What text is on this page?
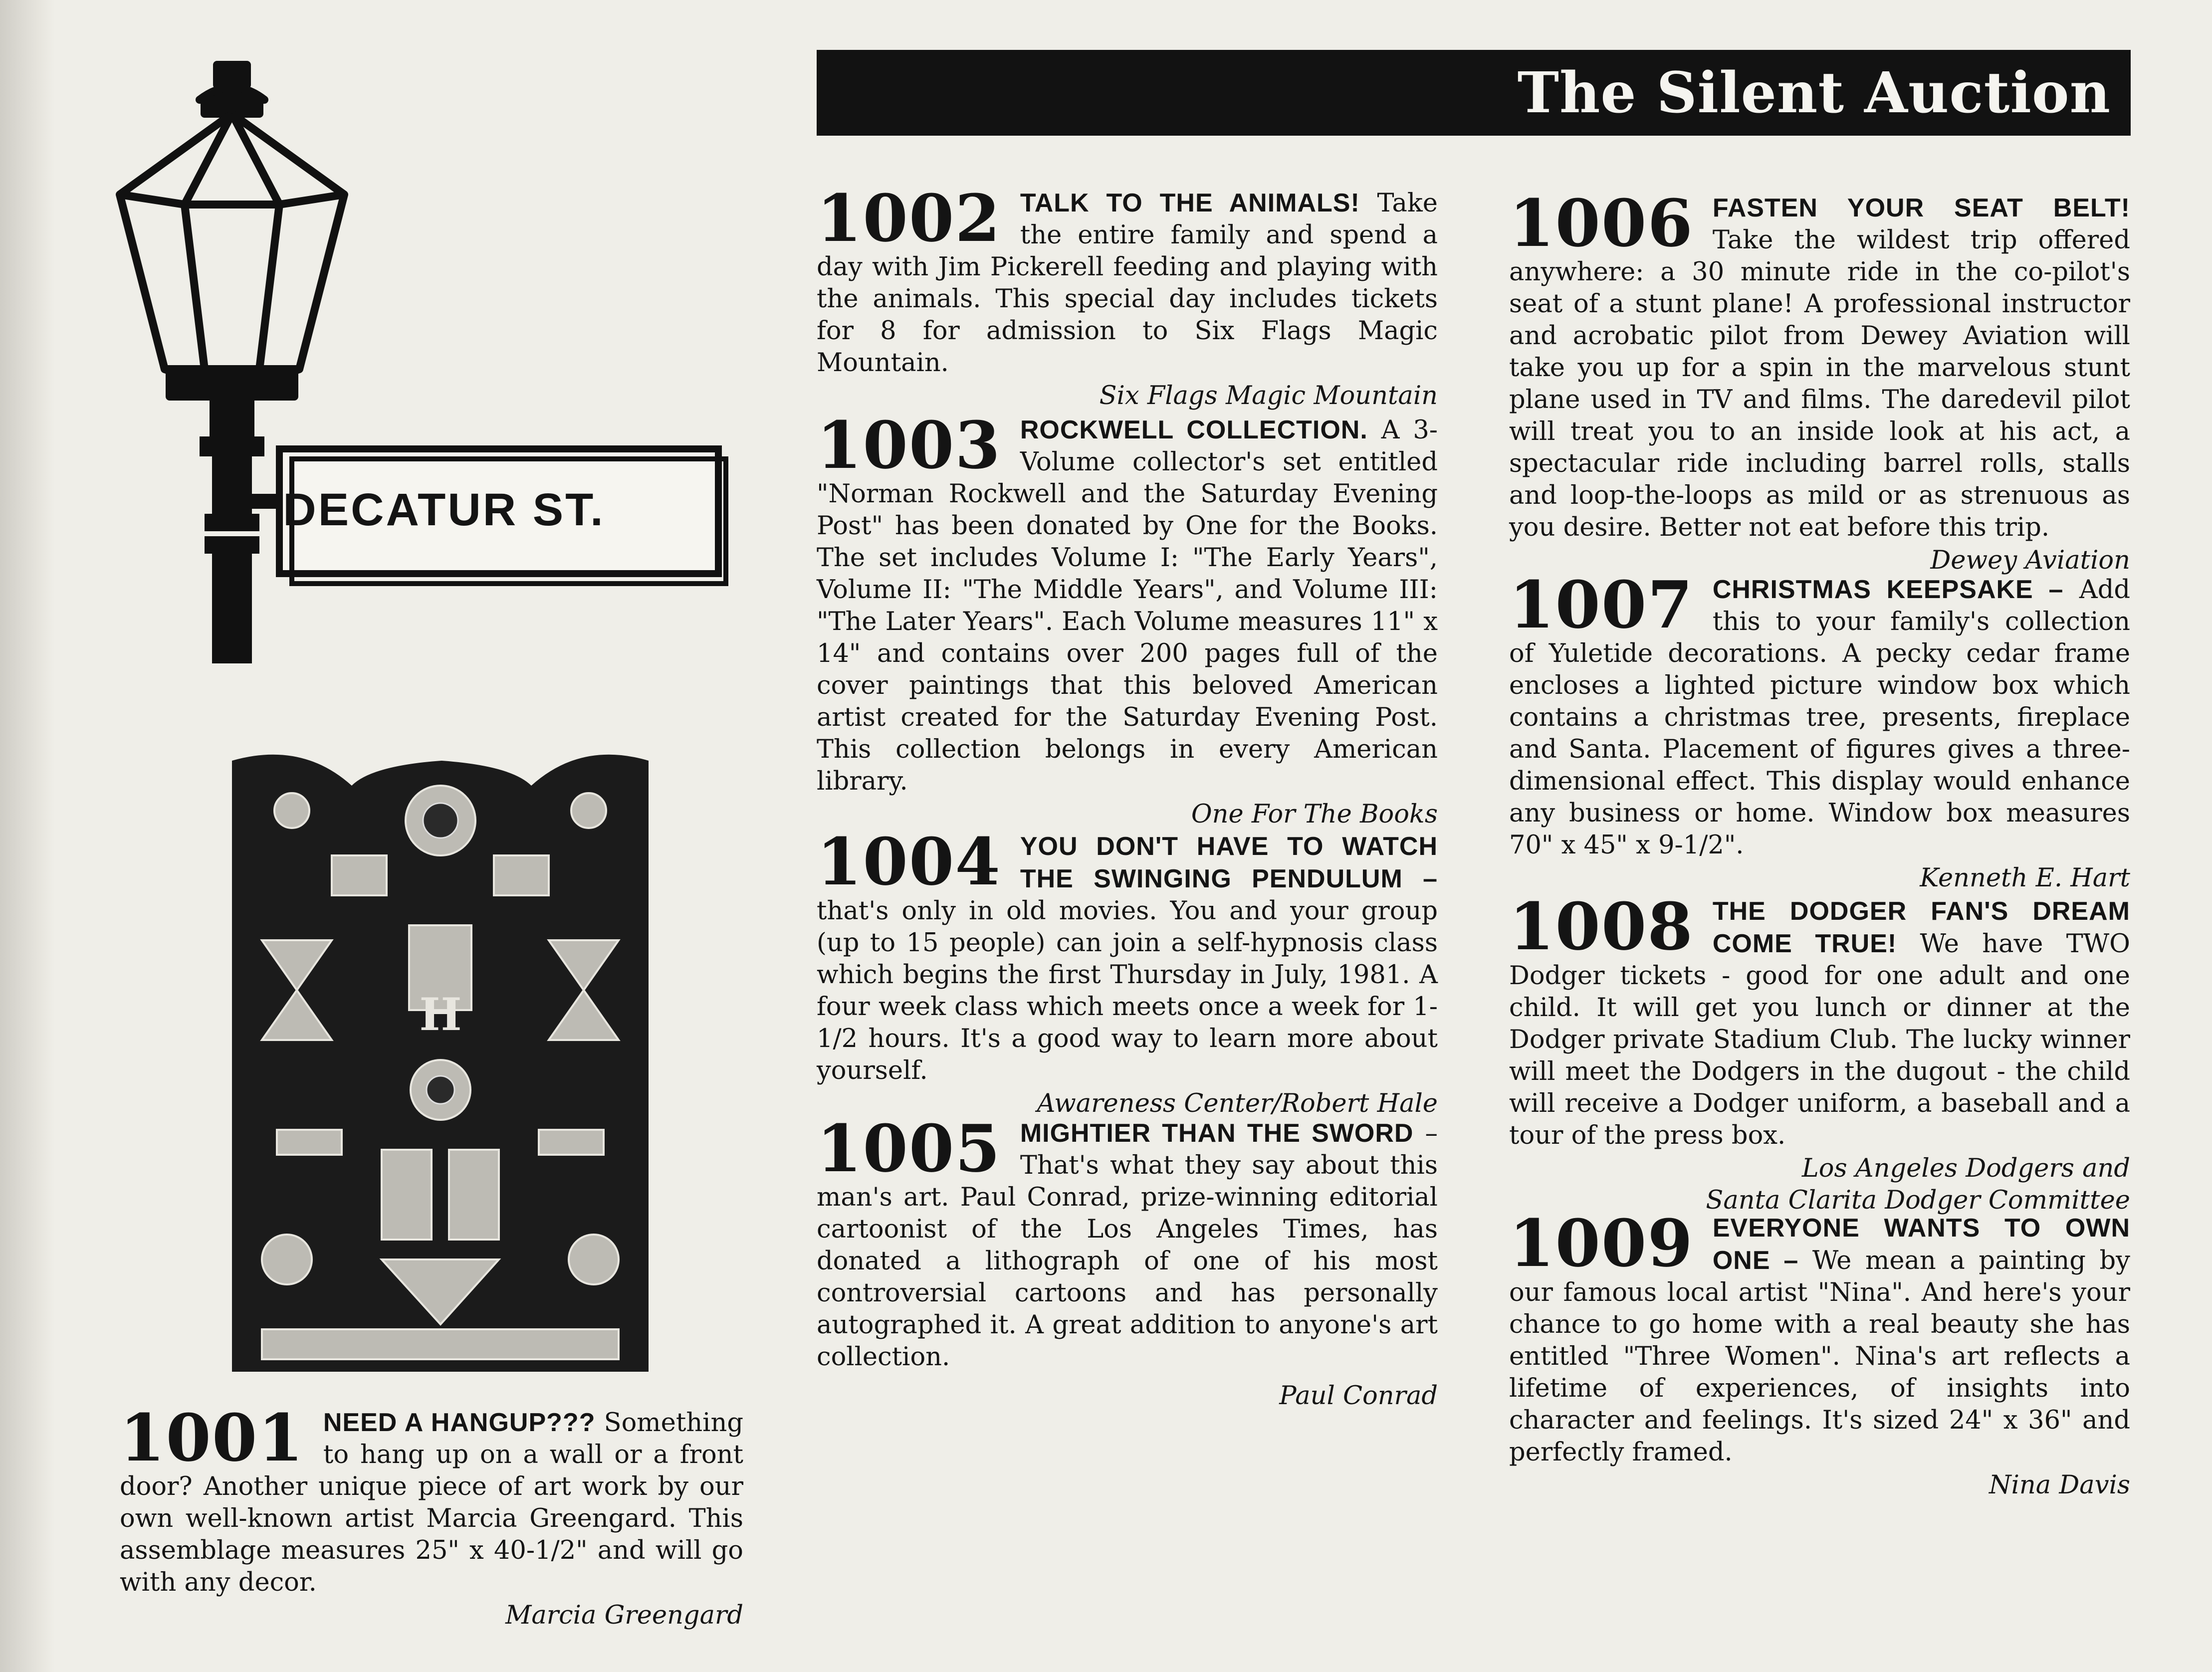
The Silent Auction
DECATUR ST.
H
1001 NEED A HANGUP??? Something to hang up on a wall or a front door? Another unique piece of art work by our own well-known artist Marcia Greengard. This assemblage measures 25" x 40-1/2" and will go with any decor.

Marcia Greengard
1002 TALK TO THE ANIMALS! Take the entire family and spend a day with Jim Pickerell feeding and playing with the animals. This special day includes tickets for 8 for admission to Six Flags Magic Mountain.

Six Flags Magic Mountain
1003 ROCKWELL COLLECTION. A 3-Volume collector's set entitled "Norman Rockwell and the Saturday Evening Post" has been donated by One for the Books. The set includes Volume I: "The Early Years", Volume II: "The Middle Years", and Volume III: "The Later Years". Each Volume measures 11" x 14" and contains over 200 pages full of the cover paintings that this beloved American artist created for the Saturday Evening Post. This collection belongs in every American library.

One For The Books
1004 YOU DON'T HAVE TO WATCH THE SWINGING PENDULUM – that's only in old movies. You and your group (up to 15 people) can join a self-hypnosis class which begins the first Thursday in July, 1981. A four week class which meets once a week for 1-1/2 hours. It's a good way to learn more about yourself.

Awareness Center/Robert Hale
1005 MIGHTIER THAN THE SWORD – That's what they say about this man's art. Paul Conrad, prize-winning editorial cartoonist of the Los Angeles Times, has donated a lithograph of one of his most controversial cartoons and has personally autographed it. A great addition to anyone's art collection.

Paul Conrad
1006 FASTEN YOUR SEAT BELT! Take the wildest trip offered anywhere: a 30 minute ride in the co-pilot's seat of a stunt plane! A professional instructor and acrobatic pilot from Dewey Aviation will take you up for a spin in the marvelous stunt plane used in TV and films. The daredevil pilot will treat you to an inside look at his act, a spectacular ride including barrel rolls, stalls and loop-the-loops as mild or as strenuous as you desire. Better not eat before this trip.

Dewey Aviation
1007 CHRISTMAS KEEPSAKE – Add this to your family's collection of Yuletide decorations. A pecky cedar frame encloses a lighted picture window box which contains a christmas tree, presents, fireplace and Santa. Placement of figures gives a three-dimensional effect. This display would enhance any business or home. Window box measures 70" x 45" x 9-1/2".

Kenneth E. Hart
1008 THE DODGER FAN'S DREAM COME TRUE! We have TWO Dodger tickets - good for one adult and one child. It will get you lunch or dinner at the Dodger private Stadium Club. The lucky winner will meet the Dodgers in the dugout - the child will receive a Dodger uniform, a baseball and a tour of the press box.

Los Angeles Dodgers and
Santa Clarita Dodger Committee
1009 EVERYONE WANTS TO OWN ONE – We mean a painting by our famous local artist "Nina". And here's your chance to go home with a real beauty she has entitled "Three Women". Nina's art reflects a lifetime of experiences, of insights into character and feelings. It's sized 24" x 36" and perfectly framed.

Nina Davis
